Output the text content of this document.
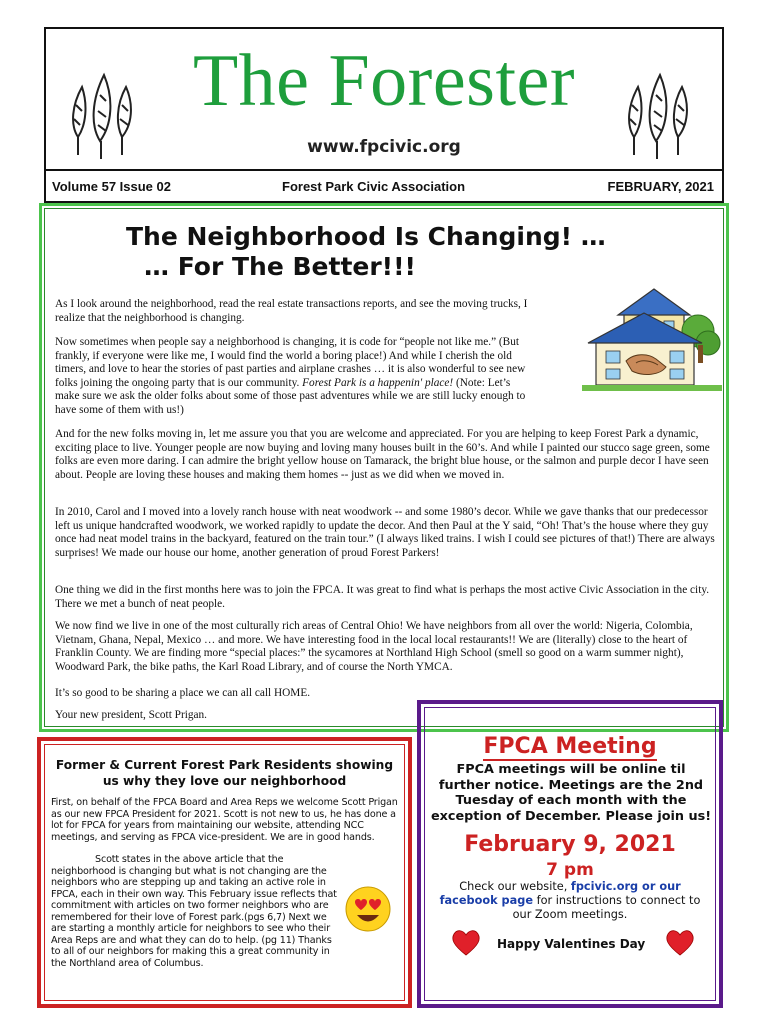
The Forester
www.fpcivic.org
Volume 57 Issue 02	Forest Park Civic Association	FEBRUARY, 2021
The Neighborhood Is Changing! …
… For The Better!!!

As I look around the neighborhood, read the real estate transactions reports, and see the moving trucks, I realize that the neighborhood is changing.

Now sometimes when people say a neighborhood is changing, it is code for “people not like me.” (But frankly, if everyone were like me, I would find the world a boring place!) And while I cherish the old timers, and love to hear the stories of past parties and airplane crashes … it is also wonderful to see new folks joining the ongoing party that is our community. Forest Park is a happenin' place! (Note: Let’s make sure we ask the older folks about some of those past adventures while we are still lucky enough to have some of them with us!)

And for the new folks moving in, let me assure you that you are welcome and appreciated. For you are helping to keep Forest Park a dynamic, exciting place to live. Younger people are now buying and loving many houses built in the 60’s. And while I painted our stucco sage green, some folks are even more daring. I can admire the bright yellow house on Tamarack, the bright blue house, or the salmon and purple decor I have seen about. People are loving these houses and making them homes -- just as we did when we moved in.

In 2010, Carol and I moved into a lovely ranch house with neat woodwork -- and some 1980’s decor. While we gave thanks that our predecessor left us unique handcrafted woodwork, we worked rapidly to update the decor. And then Paul at the Y said, “Oh! That’s the house where they guy once had neat model trains in the backyard, featured on the train tour.” (I always liked trains. I wish I could see pictures of that!) There are always surprises! We made our house our home, another generation of proud Forest Parkers!

One thing we did in the first months here was to join the FPCA. It was great to find what is perhaps the most active Civic Association in the city. There we met a bunch of neat people.

We now find we live in one of the most culturally rich areas of Central Ohio! We have neighbors from all over the world: Nigeria, Colombia, Vietnam, Ghana, Nepal, Mexico … and more. We have interesting food in the local local restaurants!! We are (literally) close to the heart of Franklin County. We are finding more “special places:” the sycamores at Northland High School (smell so good on a warm summer night), Woodward Park, the bike paths, the Karl Road Library, and of course the North YMCA.

It’s so good to be sharing a place we can all call HOME.

Your new president, Scott Prigan.

Former & Current Forest Park Residents showing us why they love our neighborhood

First, on behalf of the FPCA Board and Area Reps we welcome Scott Prigan as our new FPCA President for 2021. Scott is not new to us, he has done a lot for FPCA for years from maintaining our website, attending NCC meetings, and serving as FPCA vice-president. We are in good hands.

Scott states in the above article that the neighborhood is changing but what is not changing are the neighbors who are stepping up and taking an active role in FPCA, each in their own way. This February issue reflects that commitment with articles on two former neighbors who are remembered for their love of Forest park.(pgs 6,7) Next we are starting a monthly article for neighbors to see who their Area Reps are and what they can do to help. (pg 11) Thanks to all of our neighbors for making this a great community in the Northland area of Columbus.

FPCA Meeting
FPCA meetings will be online til further notice. Meetings are the 2nd Tuesday of each month with the exception of December. Please join us!
February 9, 2021
7 pm
Check our website, fpcivic.org or our facebook page for instructions to connect to our Zoom meetings.
Happy Valentines Day
